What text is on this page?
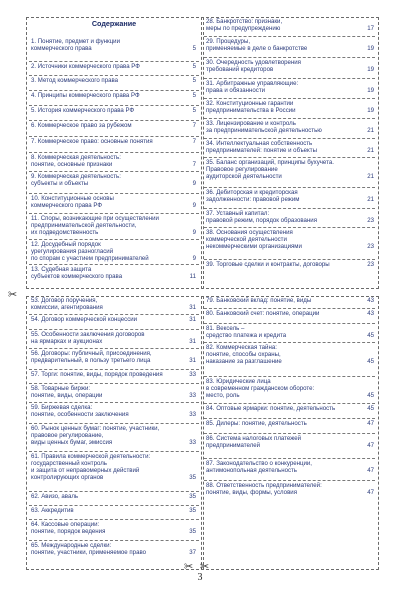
Содержание
1. Понятие, предмет и функции
коммерческого права	5
2. Источники коммерческого права РФ	5
3. Метод коммерческого права	5
4. Принципы коммерческого права РФ	5
5. История коммерческого права РФ	5
6. Коммерческое право за рубежом	7
7. Коммерческое право: основные понятия	7
8. Коммерческая деятельность:
понятие, основные признаки	7
9. Коммерческая деятельность:
субъекты и объекты	9
10. Конституционные основы
коммерческого права РФ	9
11. Споры, возникающие при осуществлении
предпринимательской деятельности,
их подведомственность	9
12. Досудебный порядок
урегулирования разногласий
по спорам с участием предпринимателей	9
13. Судебная защита
субъектов коммерческого права	11
28. Банкротство: признаки,
меры по предупреждению	17
29. Процедуры,
применяемые в деле о банкротстве	19
30. Очередность удовлетворения
требований кредиторов	19
31. Арбитражные управляющие:
права и обязанности	19
32. Конституционные гарантии
предпринимательства в России	19
33. Лицензирование и контроль
за предпринимательской деятельностью	21
34. Интеллектуальная собственность
предпринимателей: понятие и объекты	21
35. Баланс организаций, принципы бухучета.
Правовое регулирование
аудиторской деятельности	21
36. Дебиторская и кредиторская
задолженности: правовой режим	21
37. Уставный капитал:
правовой режим, порядок образования	23
38. Основания осуществления
коммерческой деятельности
некоммерческими организациями	23
39. Торговые сделки и контракты, договоры	23
53. Договор поручения,
комиссии, агентирования	31
54. Договор коммерческой концессии	31
55. Особенности заключения договоров
на ярмарках и аукционах	31
56. Договоры: публичный, присоединения,
предварительный, в пользу третьего лица	31
57. Торги: понятие, виды, порядок проведения	33
58. Товарные биржи:
понятие, виды, операции	33
59. Биржевая сделка:
понятие, особенности заключения	33
60. Рынок ценных бумаг: понятие, участники,
правовое регулирование,
виды ценных бумаг, эмиссия	33
61. Правила коммерческой деятельности:
государственный контроль
и защита от неправомерных действий
контролирующих органов	35
62. Авизо, аваль	35
63. Аккредитив	35
64. Кассовые операции:
понятие, порядок ведения	35
65. Международные сделки:
понятие, участники, применяемое право	37
79. Банковский вклад: понятие, виды	43
80. Банковский счет: понятие, операции	43
81. Вексель –
средство платежа и кредита	45
82. Коммерческая тайна:
понятие, способы охраны,
наказание за разглашение	45
83. Юридические лица
в современном гражданском обороте:
место, роль	45
84. Оптовые ярмарки: понятие, деятельность	45
85. Дилеры: понятие, деятельность	47
86. Система налоговых платежей
предпринимателей	47
87. Законодательство о конкуренции,
антимонопольная деятельность	47
88. Ответственность предпринимателей:
понятие, виды, формы, условия	47
✂
✂ ✂
3
